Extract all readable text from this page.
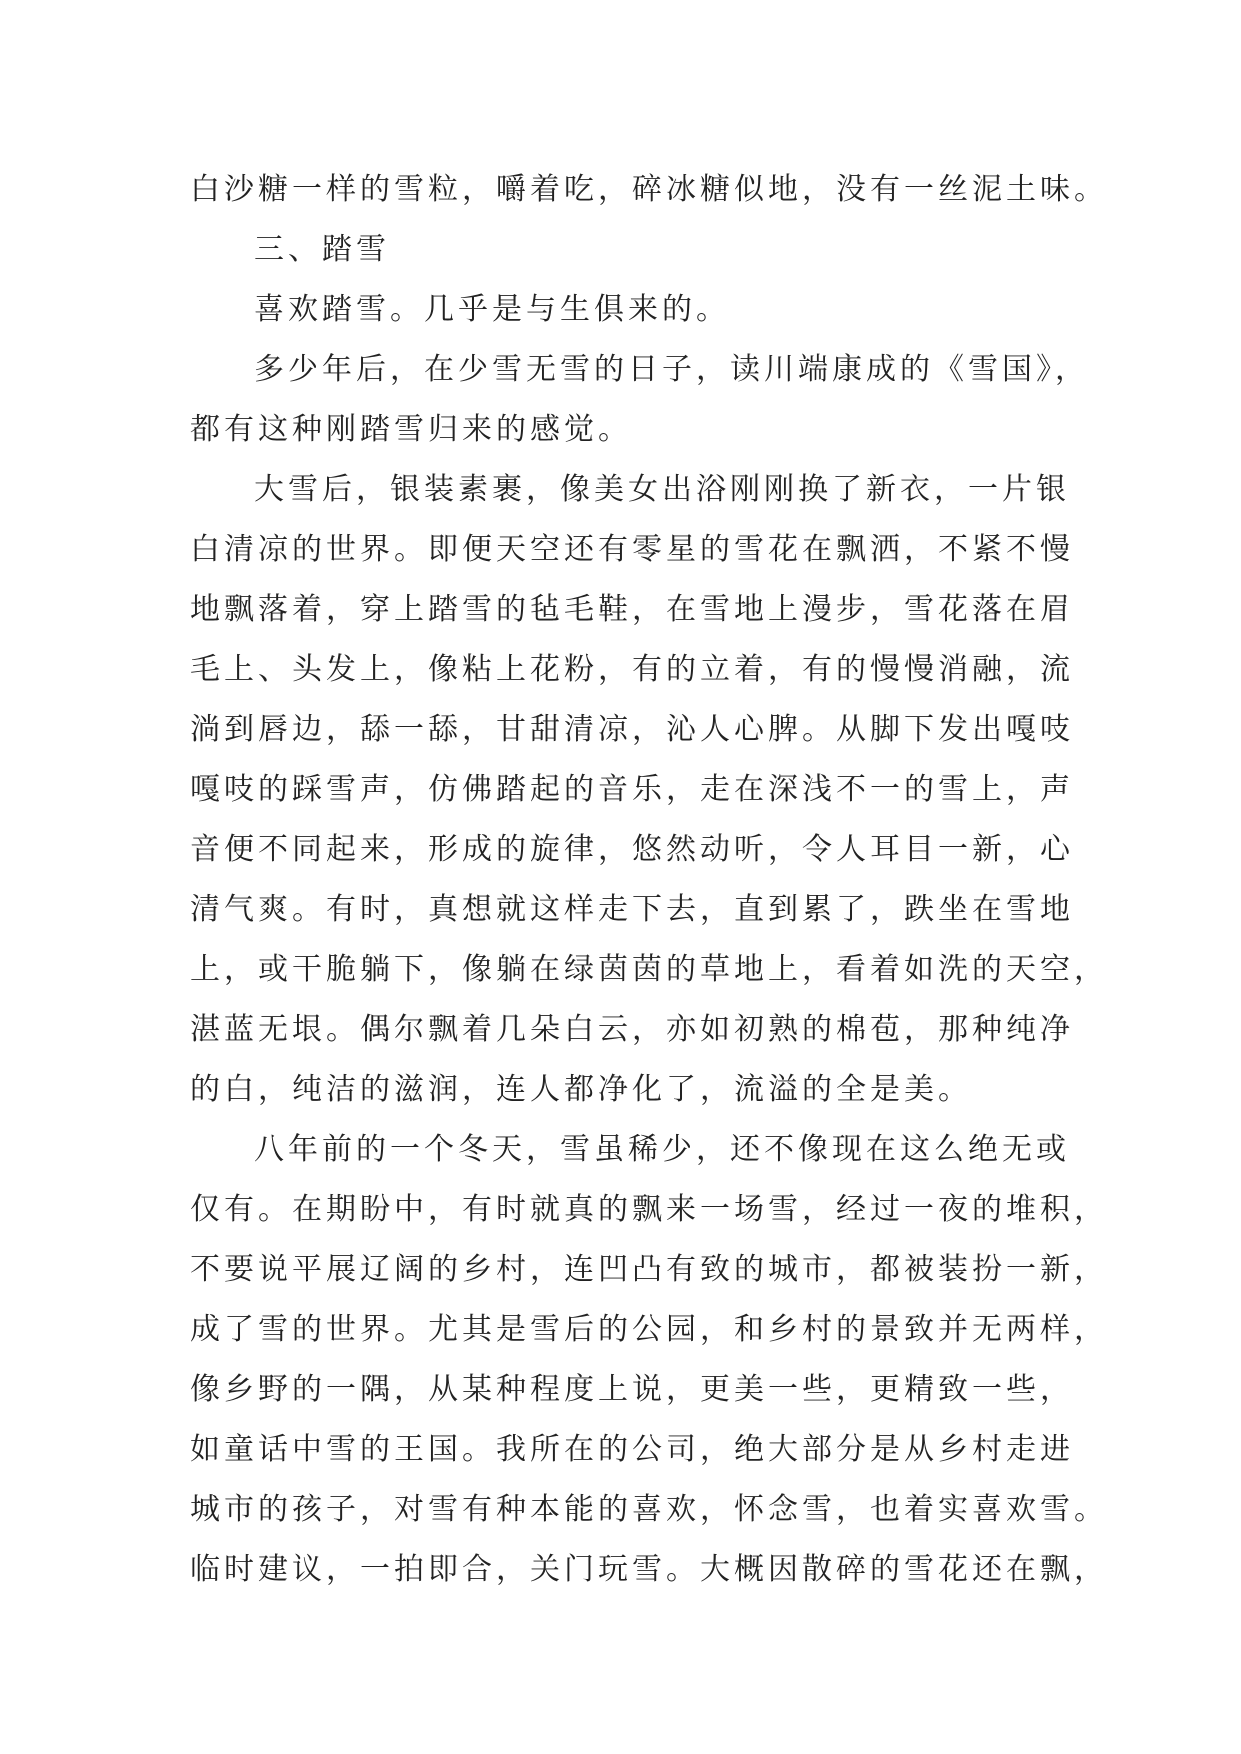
白沙糖一样的雪粒，嚼着吃，碎冰糖似地，没有一丝泥土味。
三、踏雪
喜欢踏雪。几乎是与生俱来的。
多少年后，在少雪无雪的日子，读川端康成的《雪国》，
都有这种刚踏雪归来的感觉。
大雪后，银装素裹，像美女出浴刚刚换了新衣，一片银
白清凉的世界。即便天空还有零星的雪花在飘洒，不紧不慢
地飘落着，穿上踏雪的毡毛鞋，在雪地上漫步，雪花落在眉
毛上、头发上，像粘上花粉，有的立着，有的慢慢消融，流
淌到唇边，舔一舔，甘甜清凉，沁人心脾。从脚下发出嘎吱
嘎吱的踩雪声，仿佛踏起的音乐，走在深浅不一的雪上，声
音便不同起来，形成的旋律，悠然动听，令人耳目一新，心
清气爽。有时，真想就这样走下去，直到累了，跌坐在雪地
上，或干脆躺下，像躺在绿茵茵的草地上，看着如洗的天空，
湛蓝无垠。偶尔飘着几朵白云，亦如初熟的棉苞，那种纯净
的白，纯洁的滋润，连人都净化了，流溢的全是美。
八年前的一个冬天，雪虽稀少，还不像现在这么绝无或
仅有。在期盼中，有时就真的飘来一场雪，经过一夜的堆积，
不要说平展辽阔的乡村，连凹凸有致的城市，都被装扮一新，
成了雪的世界。尤其是雪后的公园，和乡村的景致并无两样，
像乡野的一隅，从某种程度上说，更美一些，更精致一些，
如童话中雪的王国。我所在的公司，绝大部分是从乡村走进
城市的孩子，对雪有种本能的喜欢，怀念雪，也着实喜欢雪。
临时建议，一拍即合，关门玩雪。大概因散碎的雪花还在飘，
